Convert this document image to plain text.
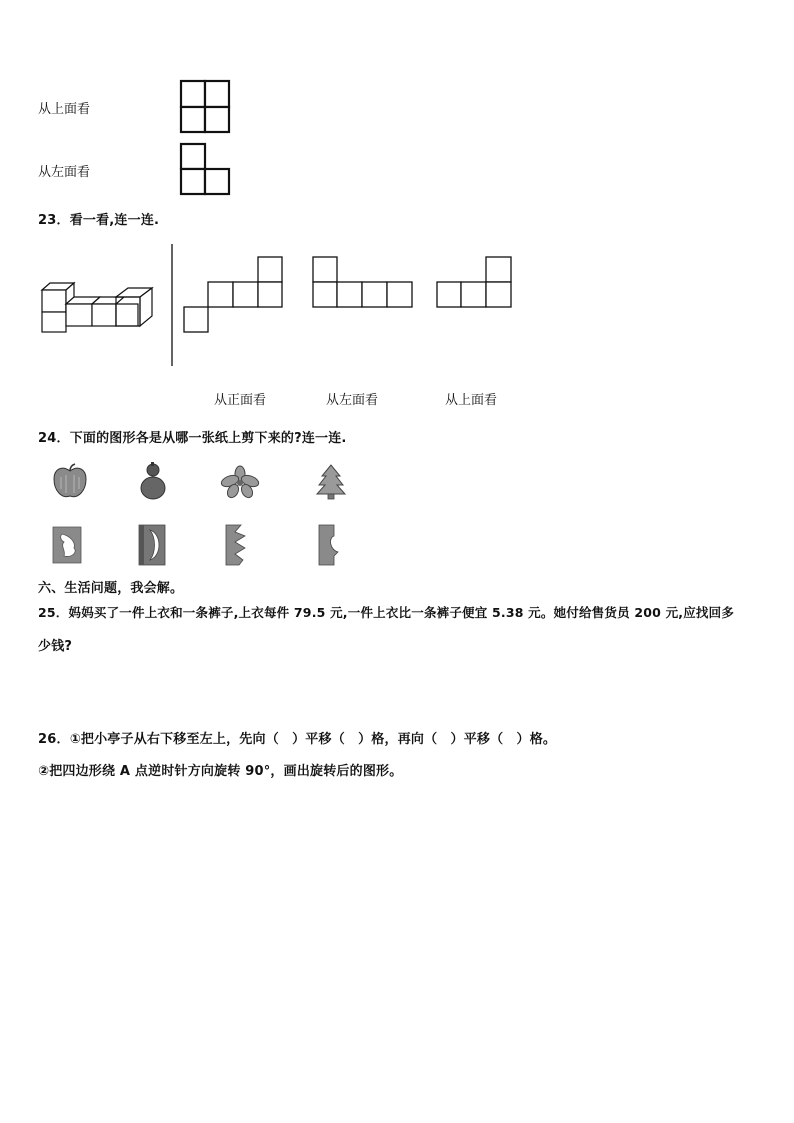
从上面看
从左面看
23．看一看,连一连.
从正面看	从左面看	从上面看
24．下面的图形各是从哪一张纸上剪下来的?连一连.
六、生活问题，我会解。
25．妈妈买了一件上衣和一条裤子,上衣每件 79.5 元,一件上衣比一条裤子便宜 5.38 元。她付给售货员 200 元,应找回多
少钱?
26．①把小亭子从右下移至左上，先向（　）平移（　）格，再向（　）平移（　）格。
②把四边形绕 A 点逆时针方向旋转 90°，画出旋转后的图形。
